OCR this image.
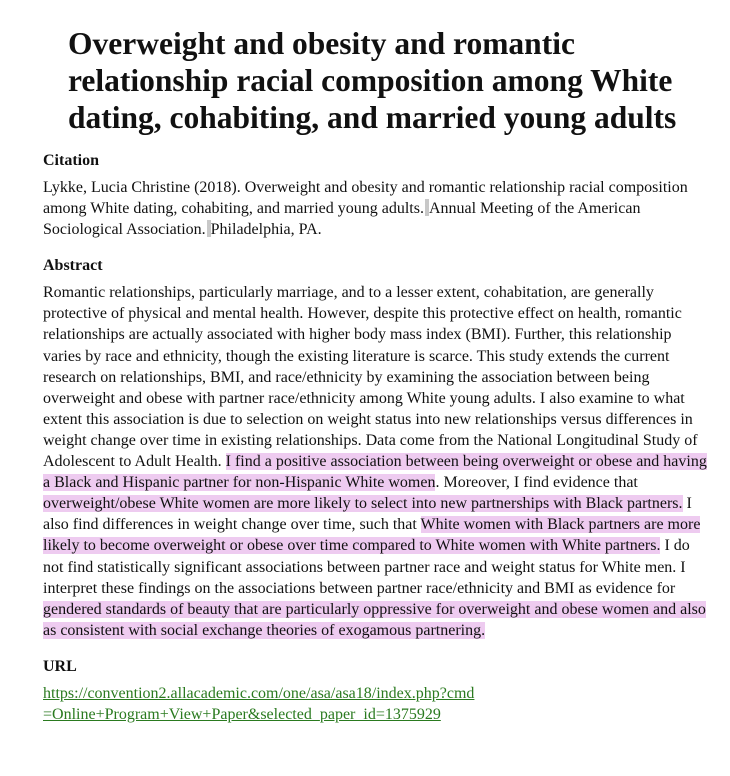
Overweight and obesity and romantic relationship racial composition among White dating, cohabiting, and married young adults
Citation

Lykke, Lucia Christine (2018). Overweight and obesity and romantic relationship racial composition among White dating, cohabiting, and married young adults. Annual Meeting of the American Sociological Association. Philadelphia, PA.

Abstract

Romantic relationships, particularly marriage, and to a lesser extent, cohabitation, are generally protective of physical and mental health. However, despite this protective effect on health, romantic relationships are actually associated with higher body mass index (BMI). Further, this relationship varies by race and ethnicity, though the existing literature is scarce. This study extends the current research on relationships, BMI, and race/ethnicity by examining the association between being overweight and obese with partner race/ethnicity among White young adults. I also examine to what extent this association is due to selection on weight status into new relationships versus differences in weight change over time in existing relationships. Data come from the National Longitudinal Study of Adolescent to Adult Health. I find a positive association between being overweight or obese and having a Black and Hispanic partner for non-Hispanic White women. Moreover, I find evidence that overweight/obese White women are more likely to select into new partnerships with Black partners. I also find differences in weight change over time, such that White women with Black partners are more likely to become overweight or obese over time compared to White women with White partners. I do not find statistically significant associations between partner race and weight status for White men. I interpret these findings on the associations between partner race/ethnicity and BMI as evidence for gendered standards of beauty that are particularly oppressive for overweight and obese women and also as consistent with social exchange theories of exogamous partnering.

URL
https://convention2.allacademic.com/one/asa/asa18/index.php?cmd=Online+Program+View+Paper&selected_paper_id=1375929
